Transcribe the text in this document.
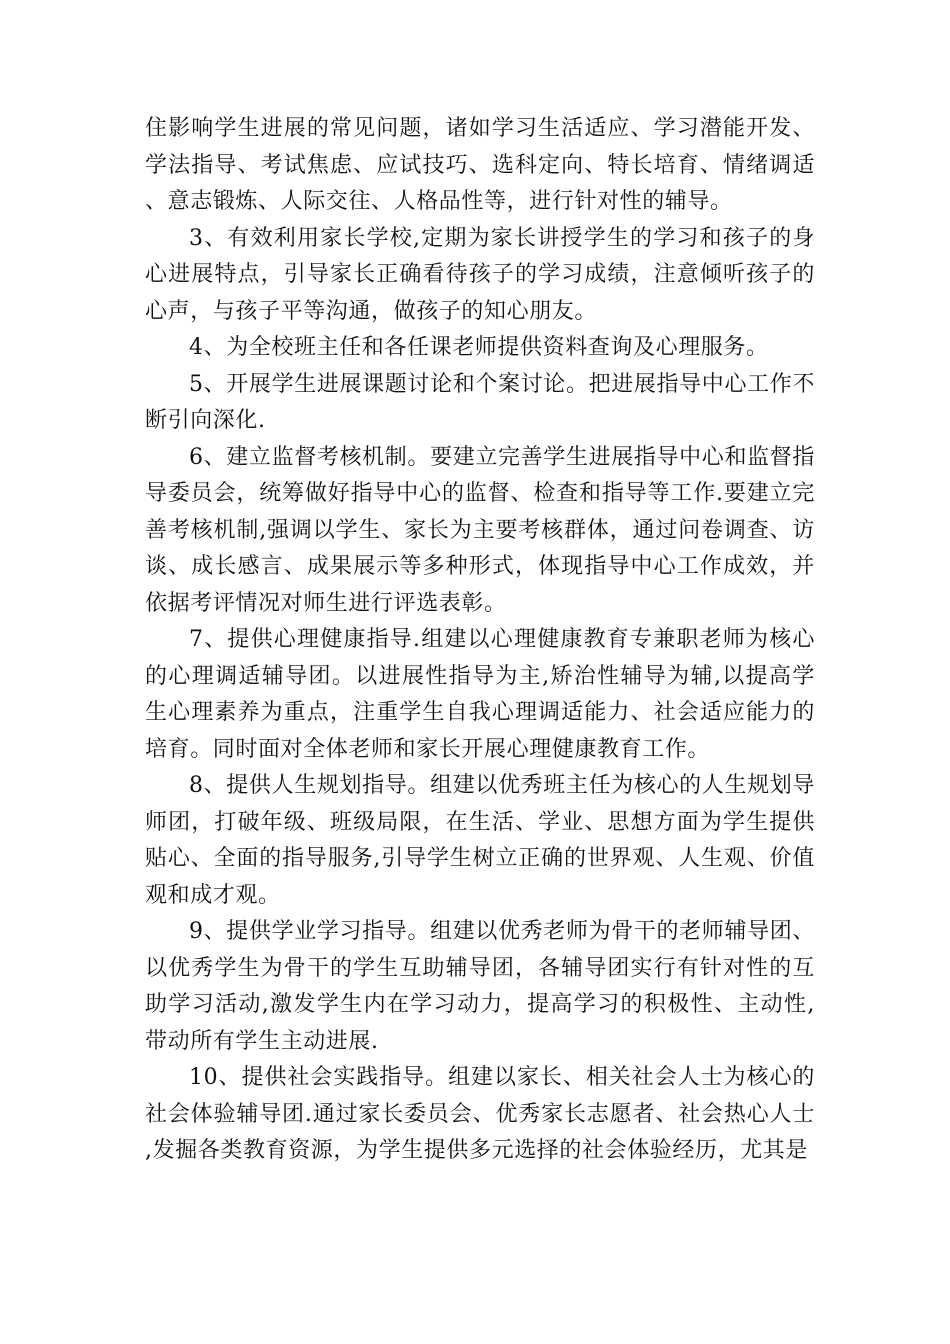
住影响学生进展的常见问题，诸如学习生活适应、学习潜能开发、学法指导、考试焦虑、应试技巧、选科定向、特长培育、情绪调适、意志锻炼、人际交往、人格品性等，进行针对性的辅导。

3、有效利用家长学校,定期为家长讲授学生的学习和孩子的身心进展特点，引导家长正确看待孩子的学习成绩，注意倾听孩子的心声，与孩子平等沟通，做孩子的知心朋友。

4、为全校班主任和各任课老师提供资料查询及心理服务。

5、开展学生进展课题讨论和个案讨论。把进展指导中心工作不断引向深化.

6、建立监督考核机制。要建立完善学生进展指导中心和监督指导委员会，统筹做好指导中心的监督、检查和指导等工作.要建立完善考核机制,强调以学生、家长为主要考核群体，通过问卷调查、访谈、成长感言、成果展示等多种形式，体现指导中心工作成效，并依据考评情况对师生进行评选表彰。

7、提供心理健康指导.组建以心理健康教育专兼职老师为核心的心理调适辅导团。以进展性指导为主,矫治性辅导为辅,以提高学生心理素养为重点，注重学生自我心理调适能力、社会适应能力的培育。同时面对全体老师和家长开展心理健康教育工作。

8、提供人生规划指导。组建以优秀班主任为核心的人生规划导师团，打破年级、班级局限，在生活、学业、思想方面为学生提供贴心、全面的指导服务,引导学生树立正确的世界观、人生观、价值观和成才观。

9、提供学业学习指导。组建以优秀老师为骨干的老师辅导团、以优秀学生为骨干的学生互助辅导团，各辅导团实行有针对性的互助学习活动,激发学生内在学习动力，提高学习的积极性、主动性,带动所有学生主动进展.

10、提供社会实践指导。组建以家长、相关社会人士为核心的社会体验辅导团.通过家长委员会、优秀家长志愿者、社会热心人士,发掘各类教育资源，为学生提供多元选择的社会体验经历，尤其是
